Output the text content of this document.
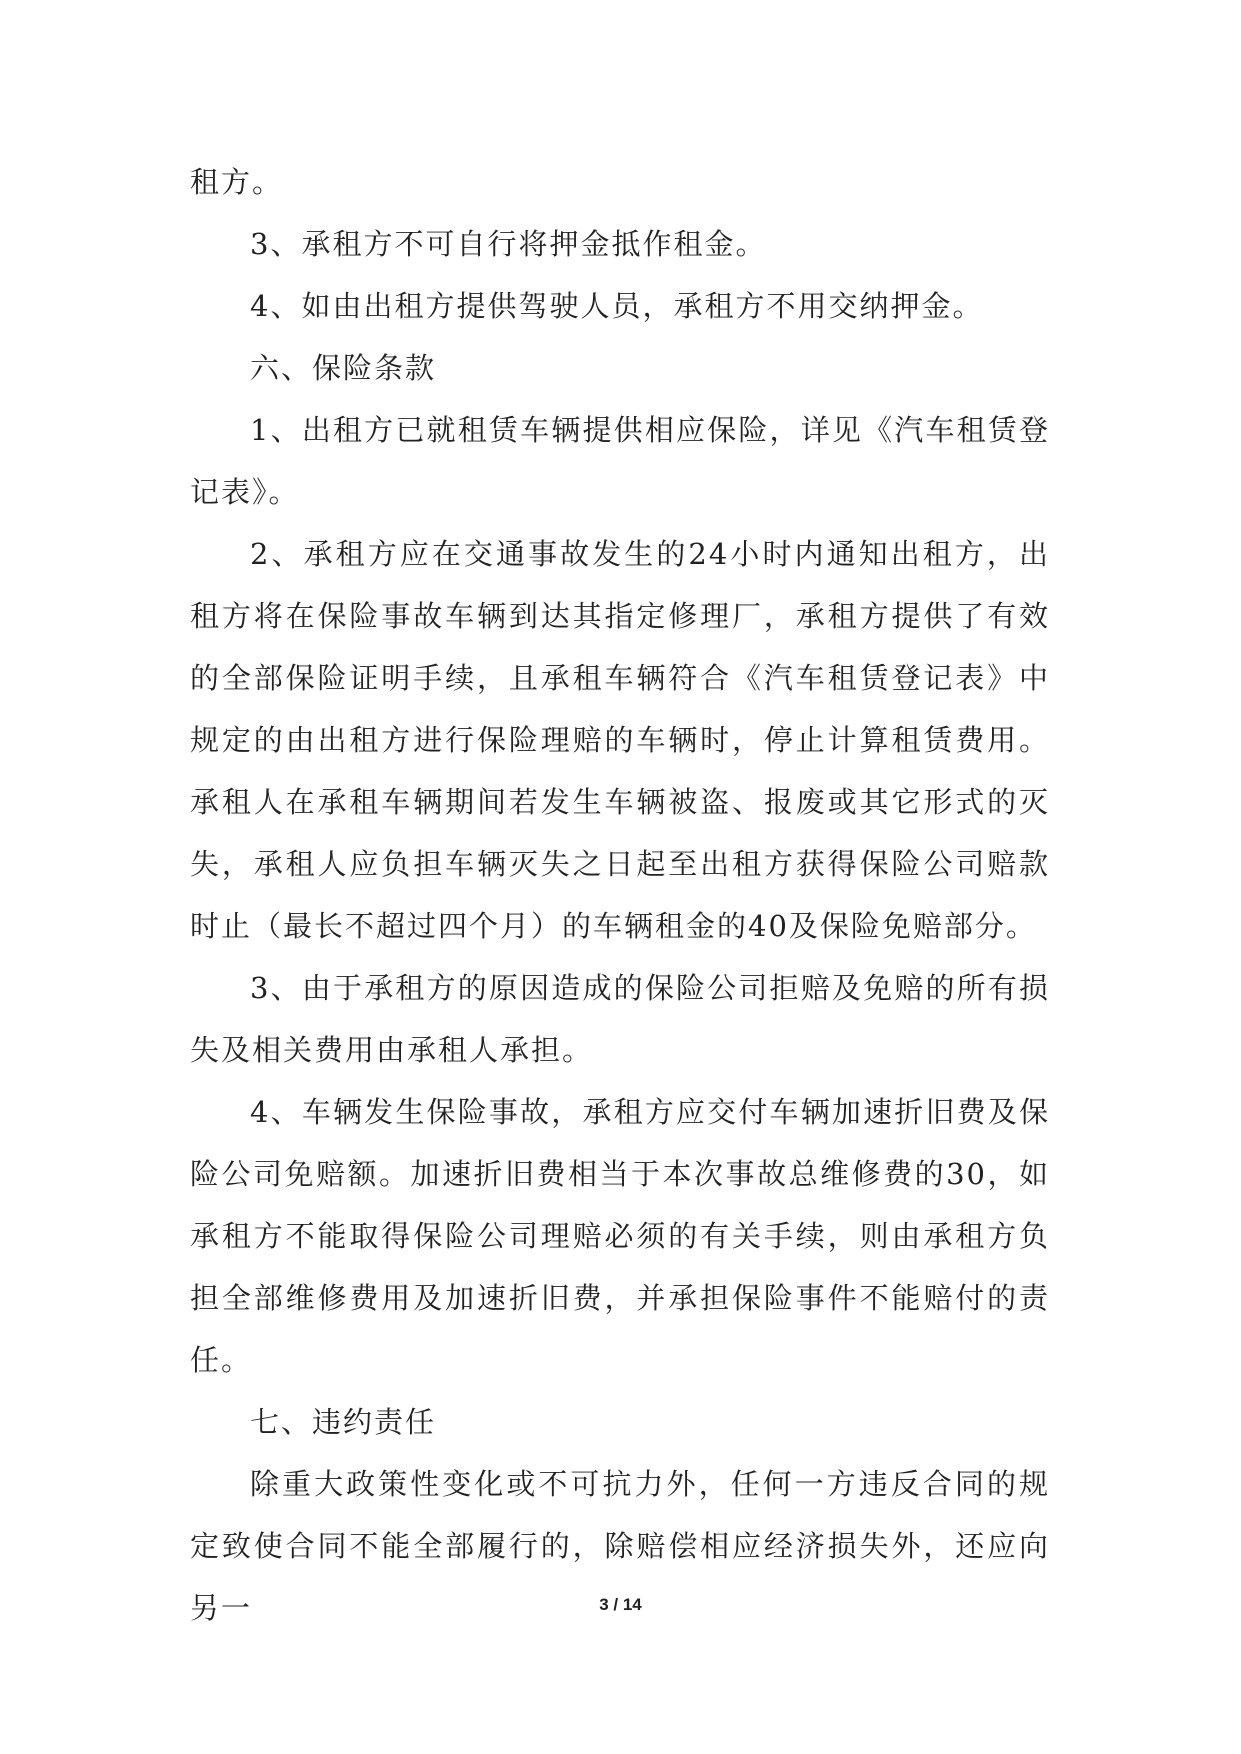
租方。

3、承租方不可自行将押金抵作租金。

4、如由出租方提供驾驶人员，承租方不用交纳押金。

六、保险条款

1、出租方已就租赁车辆提供相应保险，详见《汽车租赁登记表》。

2、承租方应在交通事故发生的24小时内通知出租方，出租方将在保险事故车辆到达其指定修理厂，承租方提供了有效的全部保险证明手续，且承租车辆符合《汽车租赁登记表》中规定的由出租方进行保险理赔的车辆时，停止计算租赁费用。承租人在承租车辆期间若发生车辆被盗、报废或其它形式的灭失，承租人应负担车辆灭失之日起至出租方获得保险公司赔款时止（最长不超过四个月）的车辆租金的40及保险免赔部分。

3、由于承租方的原因造成的保险公司拒赔及免赔的所有损失及相关费用由承租人承担。

4、车辆发生保险事故，承租方应交付车辆加速折旧费及保险公司免赔额。加速折旧费相当于本次事故总维修费的30，如承租方不能取得保险公司理赔必须的有关手续，则由承租方负担全部维修费用及加速折旧费，并承担保险事件不能赔付的责任。

七、违约责任

除重大政策性变化或不可抗力外，任何一方违反合同的规定致使合同不能全部履行的，除赔偿相应经济损失外，还应向另一	3 / 14
